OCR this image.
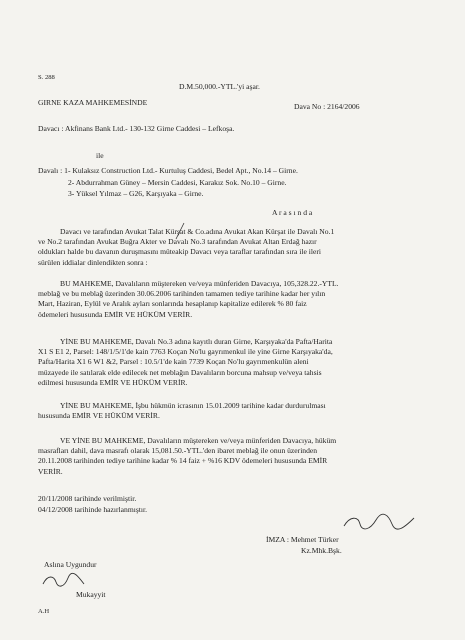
S. 288
D.M.50,000.-YTL.'yi aşar.
GIRNE KAZA MAHKEMESİNDE	Dava No : 2164/2006
Davacı : Akfinans Bank Ltd.- 130-132 Girne Caddesi – Lefkoşa.
ile
Davalı : 1- Kulaksız Construction Ltd.- Kurtuluş Caddesi, Bedel Apt., No.14 – Girne.
2- Abdurrahman Güney – Mersin Caddesi, Karakız Sok. No.10 – Girne.
3- Yüksel Yılmaz – G26, Karşıyaka – Girne.
A r a s ı n d a
Davacı ve tarafından Avukat Talat Kürşat & Co.adına Avukat Akan Kürşat ile Davalı No.1
ve No.2 tarafından Avukat Buğra Akter ve Davalı No.3 tarafından Avukat Altan Erdağ hazır
oldukları halde bu davanın duruşmasını müteakip Davacı veya taraflar tarafından sıra ile ileri
sürülen iddialar dinlendikten sonra :
BU MAHKEME, Davalıların müştereken ve/veya münferiden Davacıya, 105,328.22.-YTL.
meblağ ve bu meblağ üzerinden 30.06.2006 tarihinden tamamen tediye tarihine kadar her yılın
Mart, Haziran, Eylül ve Aralık ayları sonlarında hesaplanıp kapitalize edilerek % 80 faiz
ödemeleri hususunda EMİR VE HÜKÜM VERİR.
YİNE BU MAHKEME, Davalı No.3 adına kayıtlı duran Girne, Karşıyaka'da Pafta/Harita
X1 S E1 2, Parsel: 148/1/5/1'de kain 7763 Koçan No'lu gayrımenkul ile yine Girne Karşıyaka'da,
Pafta/Harita X1 6 W1 &2, Parsel : 10.5/1'de kain 7739 Koçan No'lu gayrımenkulün aleni
müzayede ile satılarak elde edilecek net meblağın Davalıların borcuna mahsup ve/veya tahsis
edilmesi hususunda EMİR VE HÜKÜM VERİR.
YİNE BU MAHKEME, İşbu hükmün icrasının 15.01.2009 tarihine kadar durdurulması
hususunda EMİR VE HÜKÜM VERİR.
VE YİNE BU MAHKEME, Davalıların müştereken ve/veya münferiden Davacıya, hüküm
masrafları dahil, dava masrafı olarak 15,081.50.-YTL.'den ibaret meblağ ile onun üzerinden
20.11.2008 tarihinden tediye tarihine kadar % 14 faiz + %16 KDV ödemeleri hususunda EMİR
VERİR.
20/11/2008 tarihinde verilmiştir.
04/12/2008 tarihinde hazırlanmıştır.
İMZA : Mehmet Türker
Kz.Mhk.Bşk.
Aslına Uygundur
Mukayyit
A.H
